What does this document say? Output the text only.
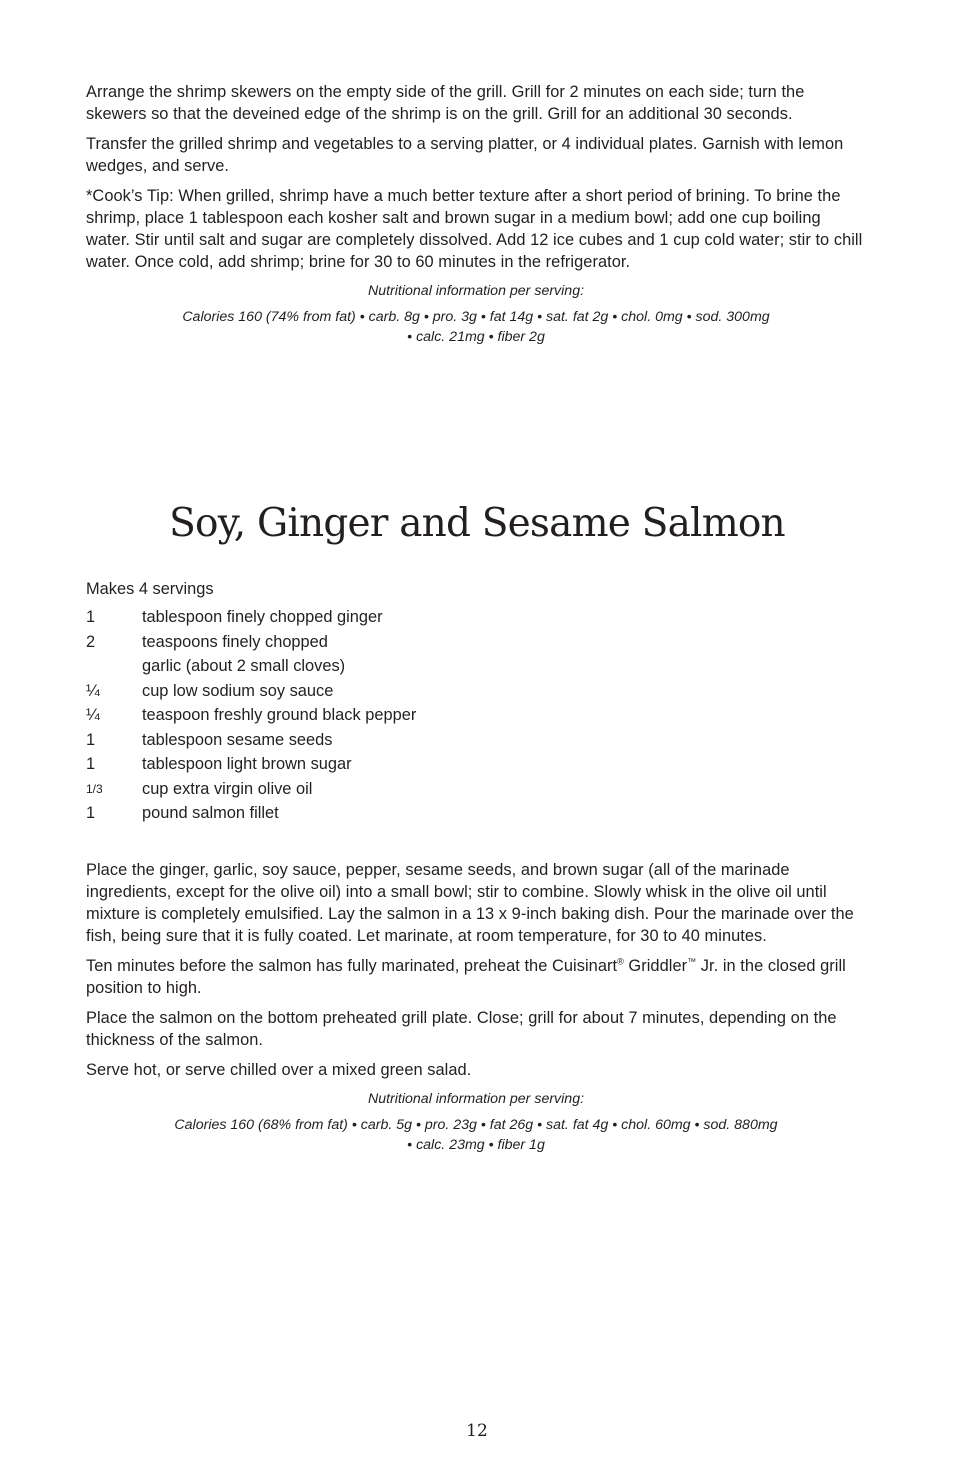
Arrange the shrimp skewers on the empty side of the grill. Grill for 2 minutes on each side; turn the skewers so that the deveined edge of the shrimp is on the grill. Grill for an additional 30 seconds.

Transfer the grilled shrimp and vegetables to a serving platter, or 4 individual plates. Garnish with lemon wedges, and serve.

*Cook’s Tip: When grilled, shrimp have a much better texture after a short period of brining. To brine the shrimp, place 1 tablespoon each kosher salt and brown sugar in a medium bowl; add one cup boiling water. Stir until salt and sugar are completely dissolved. Add 12 ice cubes and 1 cup cold water; stir to chill water. Once cold, add shrimp; brine for 30 to 60 minutes in the refrigerator.

Nutritional information per serving:

Calories 160 (74% from fat) • carb. 8g • pro. 3g • fat 14g • sat. fat 2g • chol. 0mg • sod. 300mg

• calc. 21mg • fiber 2g

Soy, Ginger and Sesame Salmon

Makes 4 servings

1	tablespoon finely chopped ginger
2	teaspoons finely chopped
garlic (about 2 small cloves)
¼	cup low sodium soy sauce
¼	teaspoon freshly ground black pepper
1	tablespoon sesame seeds
1	tablespoon light brown sugar
1/3	cup extra virgin olive oil
1	pound salmon fillet

Place the ginger, garlic, soy sauce, pepper, sesame seeds, and brown sugar (all of the marinade ingredients, except for the olive oil) into a small bowl; stir to combine. Slowly whisk in the olive oil until mixture is completely emulsified. Lay the salmon in a 13 x 9-inch baking dish. Pour the marinade over the fish, being sure that it is fully coated. Let marinate, at room temperature, for 30 to 40 minutes.

Ten minutes before the salmon has fully marinated, preheat the Cuisinart® Griddler™ Jr. in the closed grill position to high.

Place the salmon on the bottom preheated grill plate. Close; grill for about 7 minutes, depending on the thickness of the salmon.

Serve hot, or serve chilled over a mixed green salad.

Nutritional information per serving:

Calories 160 (68% from fat) • carb. 5g • pro. 23g • fat 26g • sat. fat 4g • chol. 60mg • sod. 880mg

• calc. 23mg • fiber 1g

12
